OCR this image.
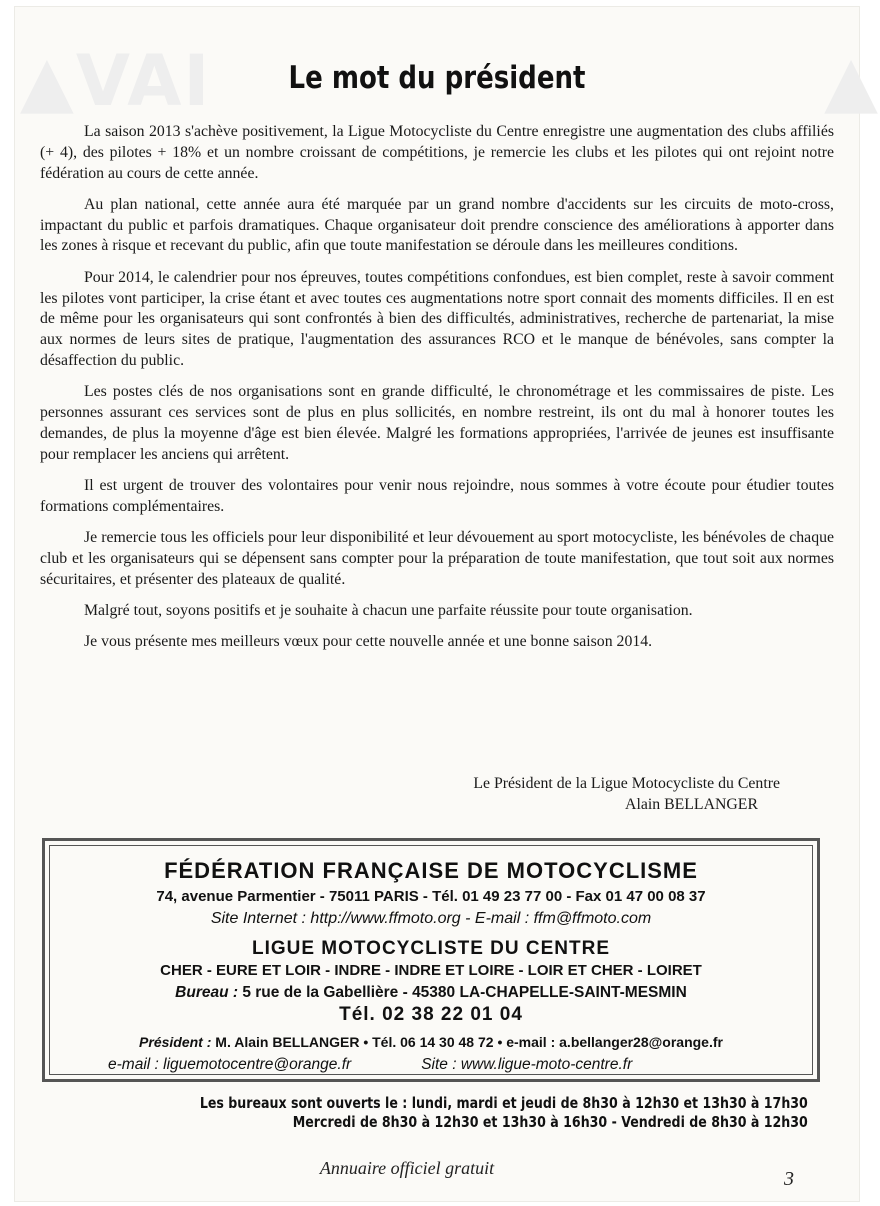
▲VAI	▲
Le mot du président

La saison 2013 s'achève positivement, la Ligue Motocycliste du Centre enregistre une augmentation des clubs affiliés (+ 4), des pilotes + 18% et un nombre croissant de compétitions, je remercie les clubs et les pilotes qui ont rejoint notre fédération au cours de cette année.

Au plan national, cette année aura été marquée par un grand nombre d'accidents sur les circuits de moto-cross, impactant du public et parfois dramatiques. Chaque organisateur doit prendre conscience des améliorations à apporter dans les zones à risque et recevant du public, afin que toute manifestation se déroule dans les meilleures conditions.

Pour 2014, le calendrier pour nos épreuves, toutes compétitions confondues, est bien complet, reste à savoir comment les pilotes vont participer, la crise étant et avec toutes ces augmentations notre sport connait des moments difficiles. Il en est de même pour les organisateurs qui sont confrontés à bien des difficultés, administratives, recherche de partenariat, la mise aux normes de leurs sites de pratique, l'augmentation des assurances RCO et le manque de bénévoles, sans compter la désaffection du public.

Les postes clés de nos organisations sont en grande difficulté, le chronométrage et les commissaires de piste. Les personnes assurant ces services sont de plus en plus sollicités, en nombre restreint, ils ont du mal à honorer toutes les demandes, de plus la moyenne d'âge est bien élevée. Malgré les formations appropriées, l'arrivée de jeunes est insuffisante pour remplacer les anciens qui arrêtent.

Il est urgent de trouver des volontaires pour venir nous rejoindre, nous sommes à votre écoute pour étudier toutes formations complémentaires.

Je remercie tous les officiels pour leur disponibilité et leur dévouement au sport motocycliste, les bénévoles de chaque club et les organisateurs qui se dépensent sans compter pour la préparation de toute manifestation, que tout soit aux normes sécuritaires, et présenter des plateaux de qualité.

Malgré tout, soyons positifs et je souhaite à chacun une parfaite réussite pour toute organisation.

Je vous présente mes meilleurs vœux pour cette nouvelle année et une bonne saison 2014.

Le Président de la Ligue Motocycliste du Centre
Alain BELLANGER
FÉDÉRATION FRANÇAISE DE MOTOCYCLISME
74, avenue Parmentier - 75011 PARIS - Tél. 01 49 23 77 00 - Fax 01 47 00 08 37
Site Internet : http://www.ffmoto.org - E-mail : ffm@ffmoto.com
LIGUE MOTOCYCLISTE DU CENTRE
CHER - EURE ET LOIR - INDRE - INDRE ET LOIRE - LOIR ET CHER - LOIRET
Bureau : 5 rue de la Gabellière - 45380 LA-CHAPELLE-SAINT-MESMIN
Tél. 02 38 22 01 04
Président : M. Alain BELLANGER • Tél. 06 14 30 48 72 • e-mail : a.bellanger28@orange.fr
e-mail : liguemotocentre@orange.fr	Site : www.ligue-moto-centre.fr
Les bureaux sont ouverts le : lundi, mardi et jeudi de 8h30 à 12h30 et 13h30 à 17h30
Mercredi de 8h30 à 12h30 et 13h30 à 16h30 - Vendredi de 8h30 à 12h30
Annuaire officiel gratuit	3
